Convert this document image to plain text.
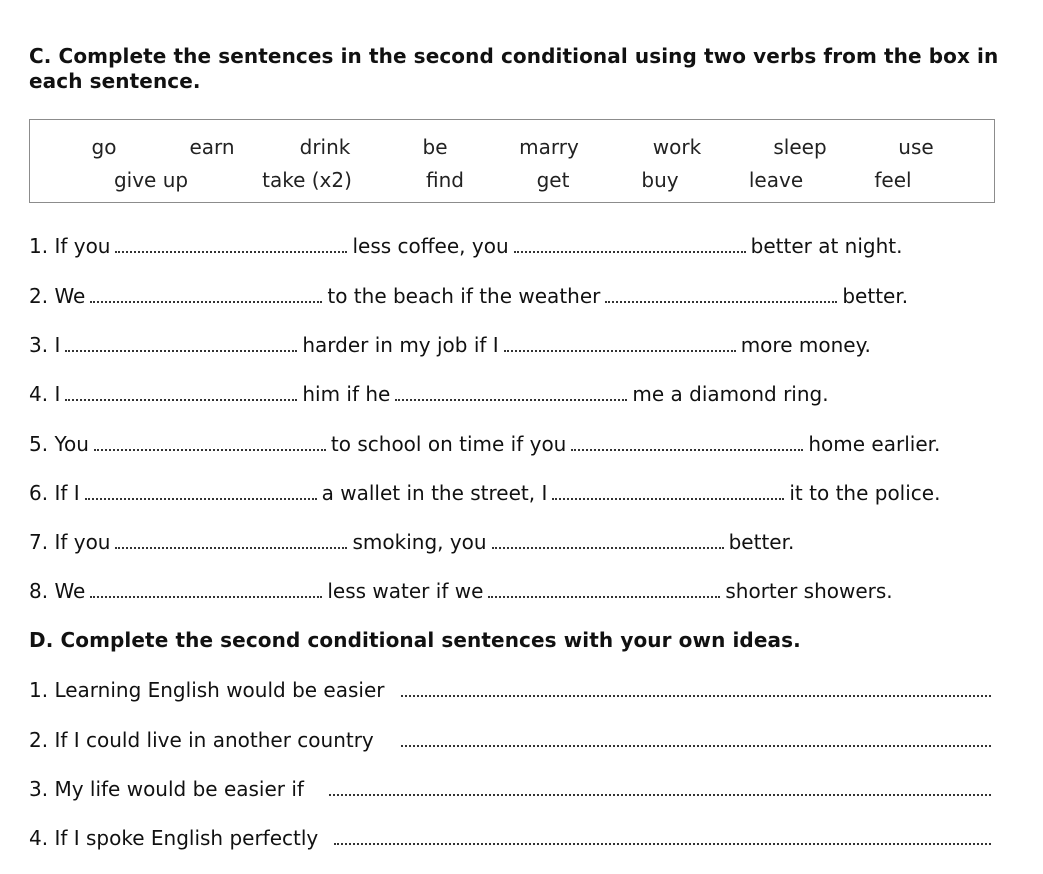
C. Complete the sentences in the second conditional using two verbs from the box in each sentence.
go	earn	drink	be	marry	work	sleep	use
give up	take (x2)	find	get	buy	leave	feel
1. If you	less coffee, you	better at night.
2. We	to the beach if the weather	better.
3. I	harder in my job if I	more money.
4. I	him if he	me a diamond ring.
5. You	to school on time if you	home earlier.
6. If I	a wallet in the street, I	it to the police.
7. If you	smoking, you	better.
8. We	less water if we	shorter showers.
D. Complete the second conditional sentences with your own ideas.
1. Learning English would be easier
2. If I could live in another country
3. My life would be easier if
4. If I spoke English perfectly
